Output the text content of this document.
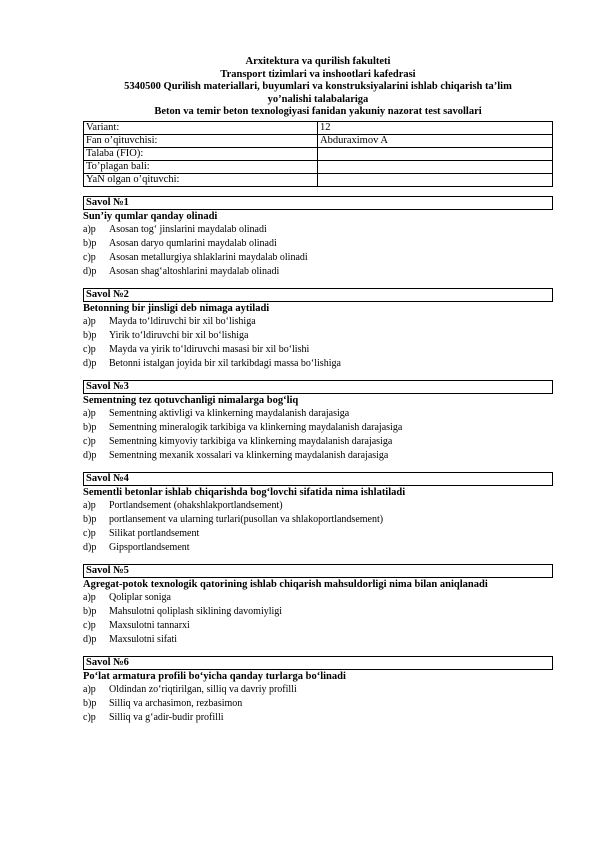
Arxitektura va qurilish fakulteti
Transport tizimlari va inshootlari kafedrasi
5340500 Qurilish materiallari, buyumlari va konstruksiyalarini ishlab chiqarish ta’lim
yo’nalishi talabalariga
Beton va temir beton texnologiyasi fanidan yakuniy nazorat test savollari
Variant:	12
Fan o’qituvchisi:	Abduraximov A
Talaba (FIO):	
To’plagan bali:	
YaN olgan o’qituvchi:	
Savol №1
Sun’iy qumlar qanday olinadi
a)p	Asosan tog‘ jinslarini maydalab olinadi
b)p	Asosan daryo qumlarini maydalab olinadi
c)p	Asosan metallurgiya shlaklarini maydalab olinadi
d)p	Asosan shag‘altoshlarini maydalab olinadi
Savol №2
Betonning bir jinsligi deb nimaga aytiladi
a)p	Mayda to‘ldiruvchi bir xil bo‘lishiga
b)p	Yirik to‘ldiruvchi bir xil bo‘lishiga
c)p	Mayda va yirik to‘ldiruvchi masasi bir xil bo‘lishi
d)p	Betonni istalgan joyida bir xil tarkibdagi massa bo‘lishiga
Savol №3
Sementning tez qotuvchanligi nimalarga bog‘liq
a)p	Sementning aktivligi va klinkerning maydalanish darajasiga
b)p	Sementning mineralogik tarkibiga va klinkerning maydalanish darajasiga
c)p	Sementning kimyoviy tarkibiga va klinkerning maydalanish darajasiga
d)p	Sementning mexanik xossalari va klinkerning maydalanish darajasiga
Savol №4
Sementli betonlar ishlab chiqarishda bog‘lovchi sifatida nima ishlatiladi
a)p	Portlandsement (ohakshlakportlandsement)
b)p	portlansement va ularning turlari(pusollan va shlakoportlandsement)
c)p	Silikat portlandsement
d)p	Gipsportlandsement
Savol №5
Agregat-potok texnologik qatorining ishlab chiqarish mahsuldorligi nima bilan aniqlanadi
a)p	Qoliplar soniga
b)p	Mahsulotni qoliplash siklining davomiyligi
c)p	Maxsulotni tannarxi
d)p	Maxsulotni sifati
Savol №6
Po‘lat armatura profili bo‘yicha qanday turlarga bo‘linadi
a)p	Oldindan zo‘riqtirilgan, silliq va davriy profilli
b)p	Silliq va archasimon, rezbasimon
c)p	Silliq va g‘adir-budir profilli
